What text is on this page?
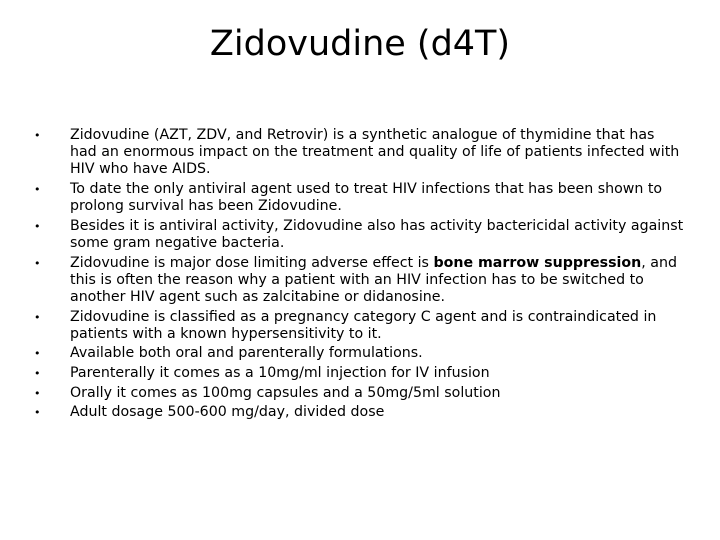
Zidovudine (d4T)
• Zidovudine (AZT, ZDV, and Retrovir) is a synthetic analogue of thymidine that has had an enormous impact on the treatment and quality of life of patients infected with HIV who have AIDS.
• To date the only antiviral agent used to treat HIV infections that has been shown to prolong survival has been Zidovudine.
• Besides it is antiviral activity, Zidovudine also has activity bactericidal activity against some gram negative bacteria.
• Zidovudine is major dose limiting adverse effect is bone marrow suppression, and this is often the reason why a patient with an HIV infection has to be switched to another HIV agent such as zalcitabine or didanosine.
• Zidovudine is classified as a pregnancy category C agent and is contraindicated in patients with a known hypersensitivity to it.
• Available both oral and parenterally formulations.
• Parenterally it comes as a 10mg/ml injection for IV infusion
• Orally it comes as 100mg capsules and a 50mg/5ml solution
• Adult dosage 500-600 mg/day, divided dose
